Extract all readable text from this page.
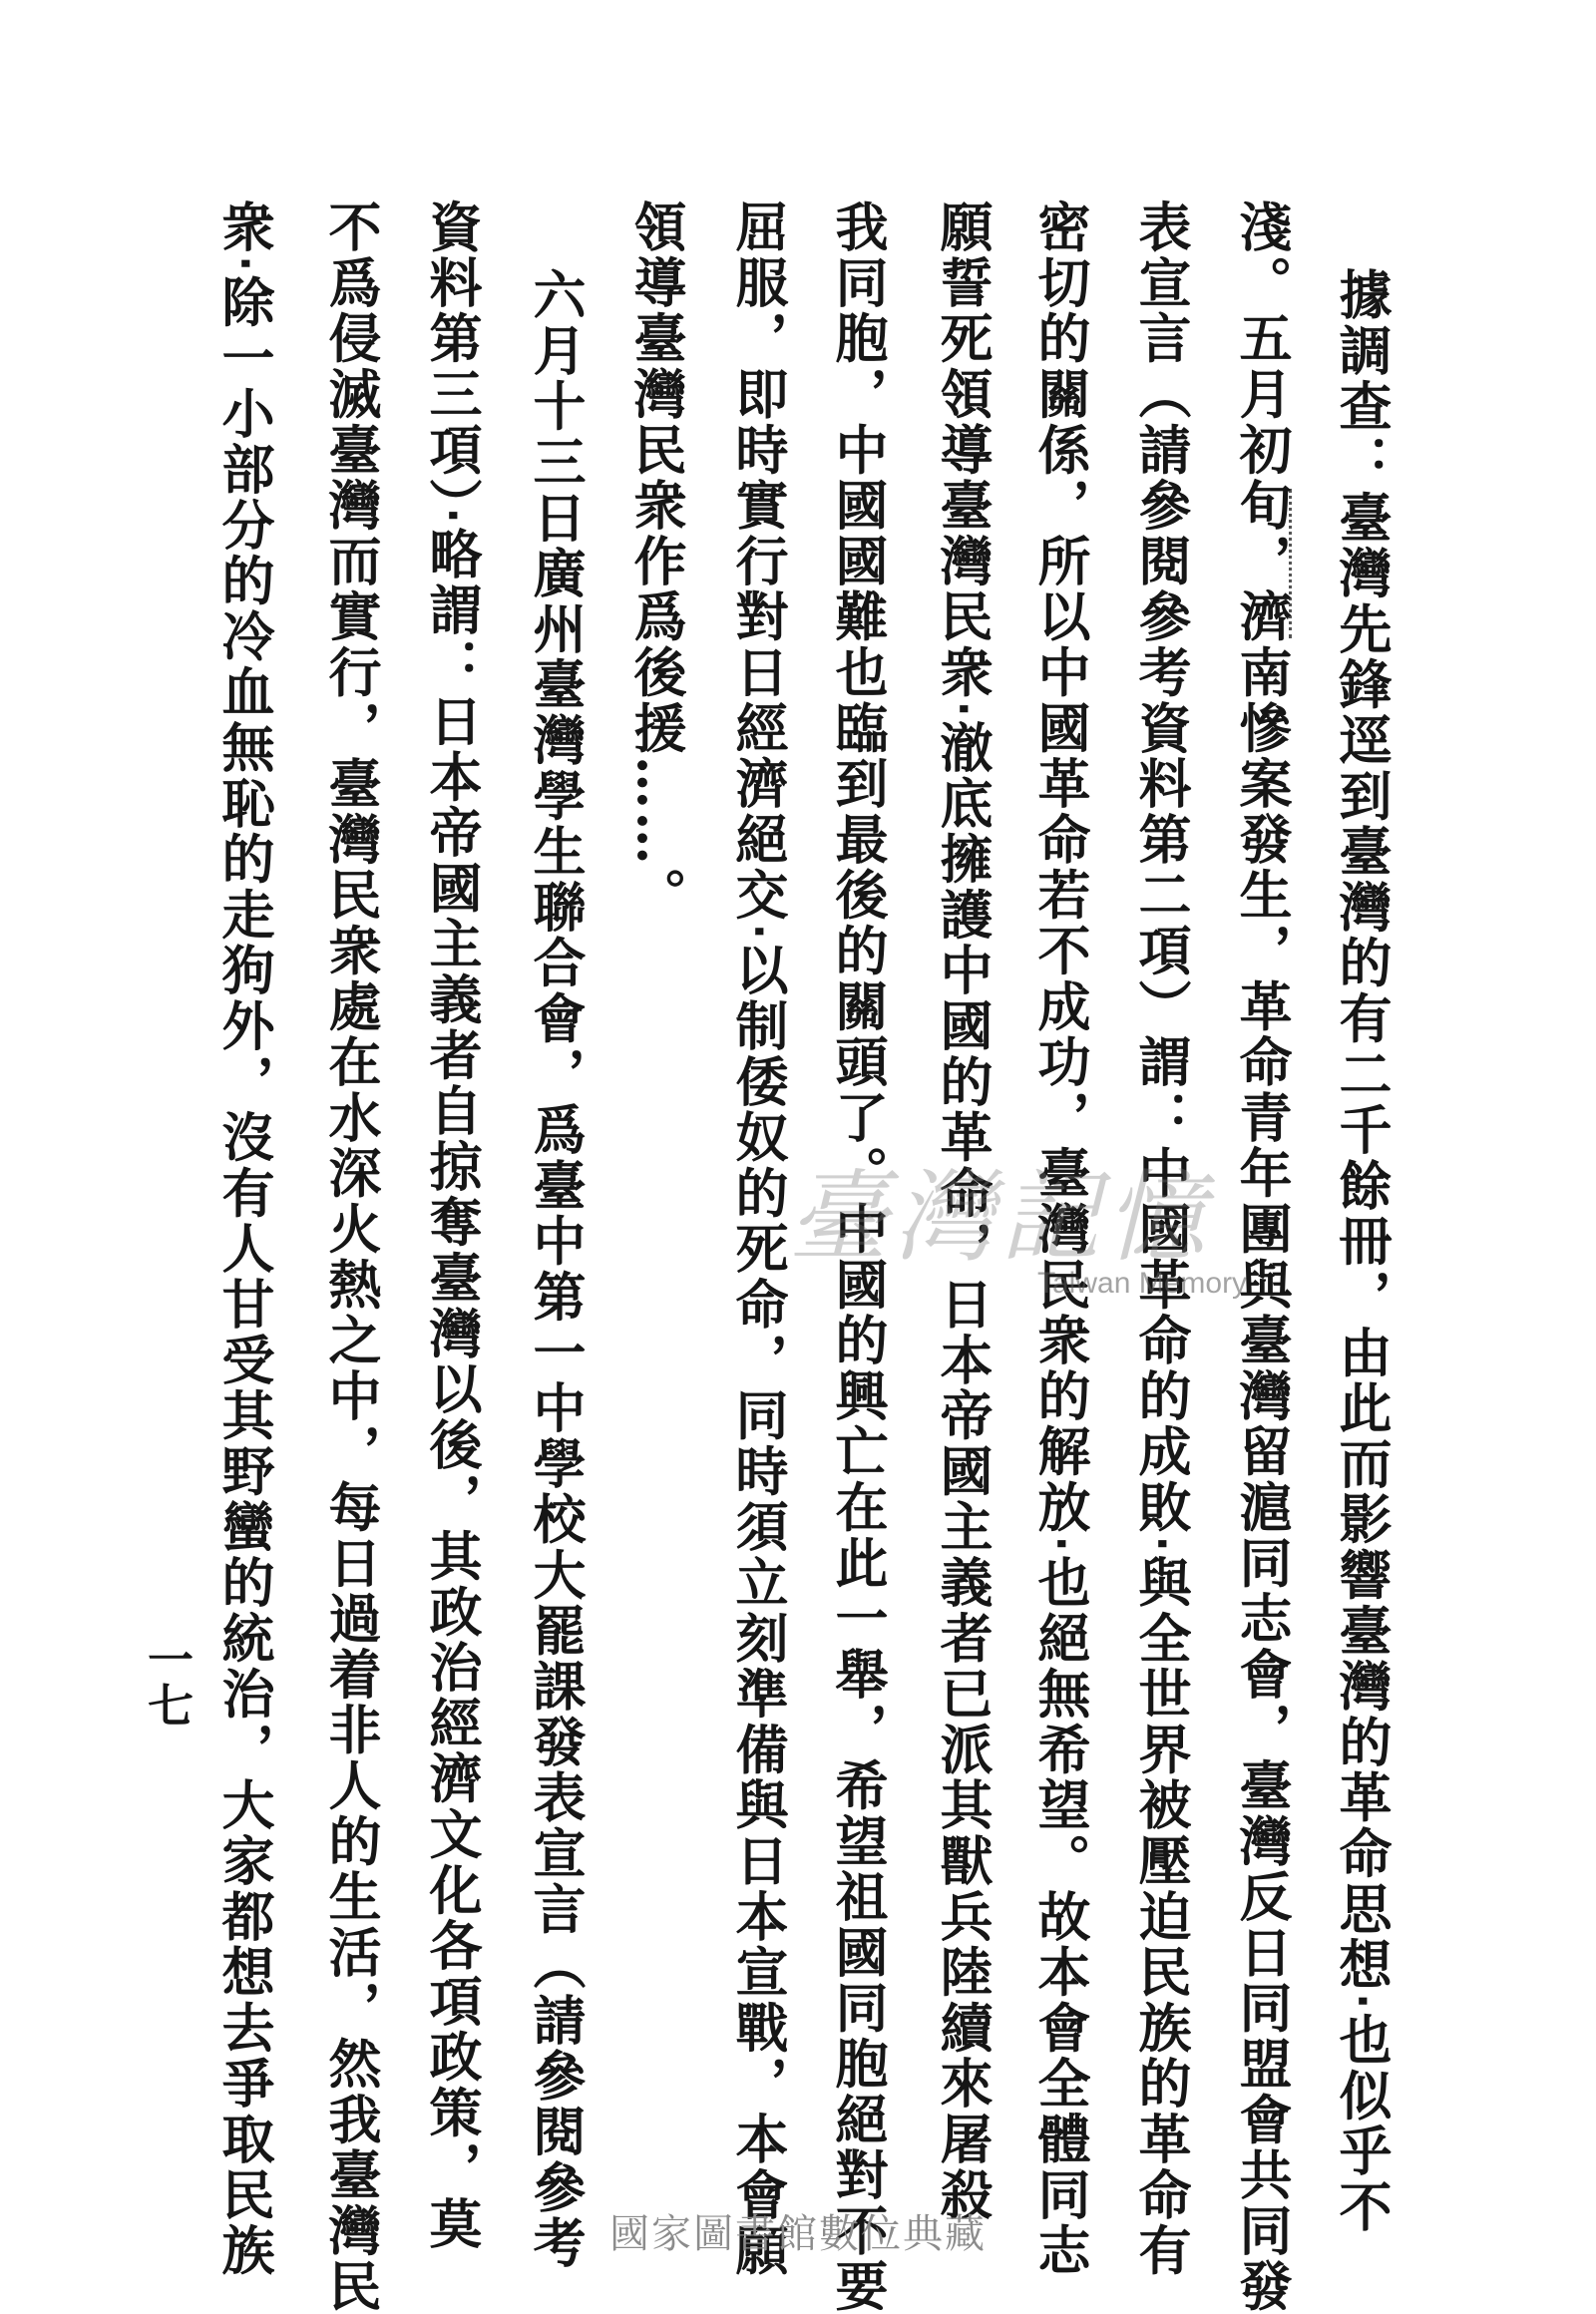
據調查：臺灣先鋒逕到臺灣的有二千餘冊，由此而影響臺灣的革命思想‧也似乎不
淺。五月初旬，濟南慘案發生，革命青年團與臺灣留滬同志會，臺灣反日同盟會共同發
表宣言（請參閱參考資料第二項）謂：中國革命的成敗‧與全世界被壓迫民族的革命有
密切的關係，所以中國革命若不成功，臺灣民衆的解放‧也絕無希望。故本會全體同志
願誓死領導臺灣民衆‧澈底擁護中國的革命，日本帝國主義者已派其獸兵陸續來屠殺
我同胞，中國國難也臨到最後的關頭了。中國的興亡在此一舉，希望祖國同胞絕對不要
屈服，即時實行對日經濟絕交‧以制倭奴的死命，同時須立刻準備與日本宣戰，本會願
領導臺灣民衆作爲後援……。
六月十三日廣州臺灣學生聯合會，爲臺中第一中學校大罷課發表宣言（請參閱參考
資料第三項）‧略謂：日本帝國主義者自掠奪臺灣以後，其政治經濟文化各項政策，莫
不爲侵滅臺灣而實行，臺灣民衆處在水深火熱之中，每日過着非人的生活，然我臺灣民
衆‧除一小部分的冷血無恥的走狗外，沒有人甘受其野蠻的統治，大家都想去爭取民族
一七
臺灣記憶
Taiwan Memory
國家圖書館數位典藏
